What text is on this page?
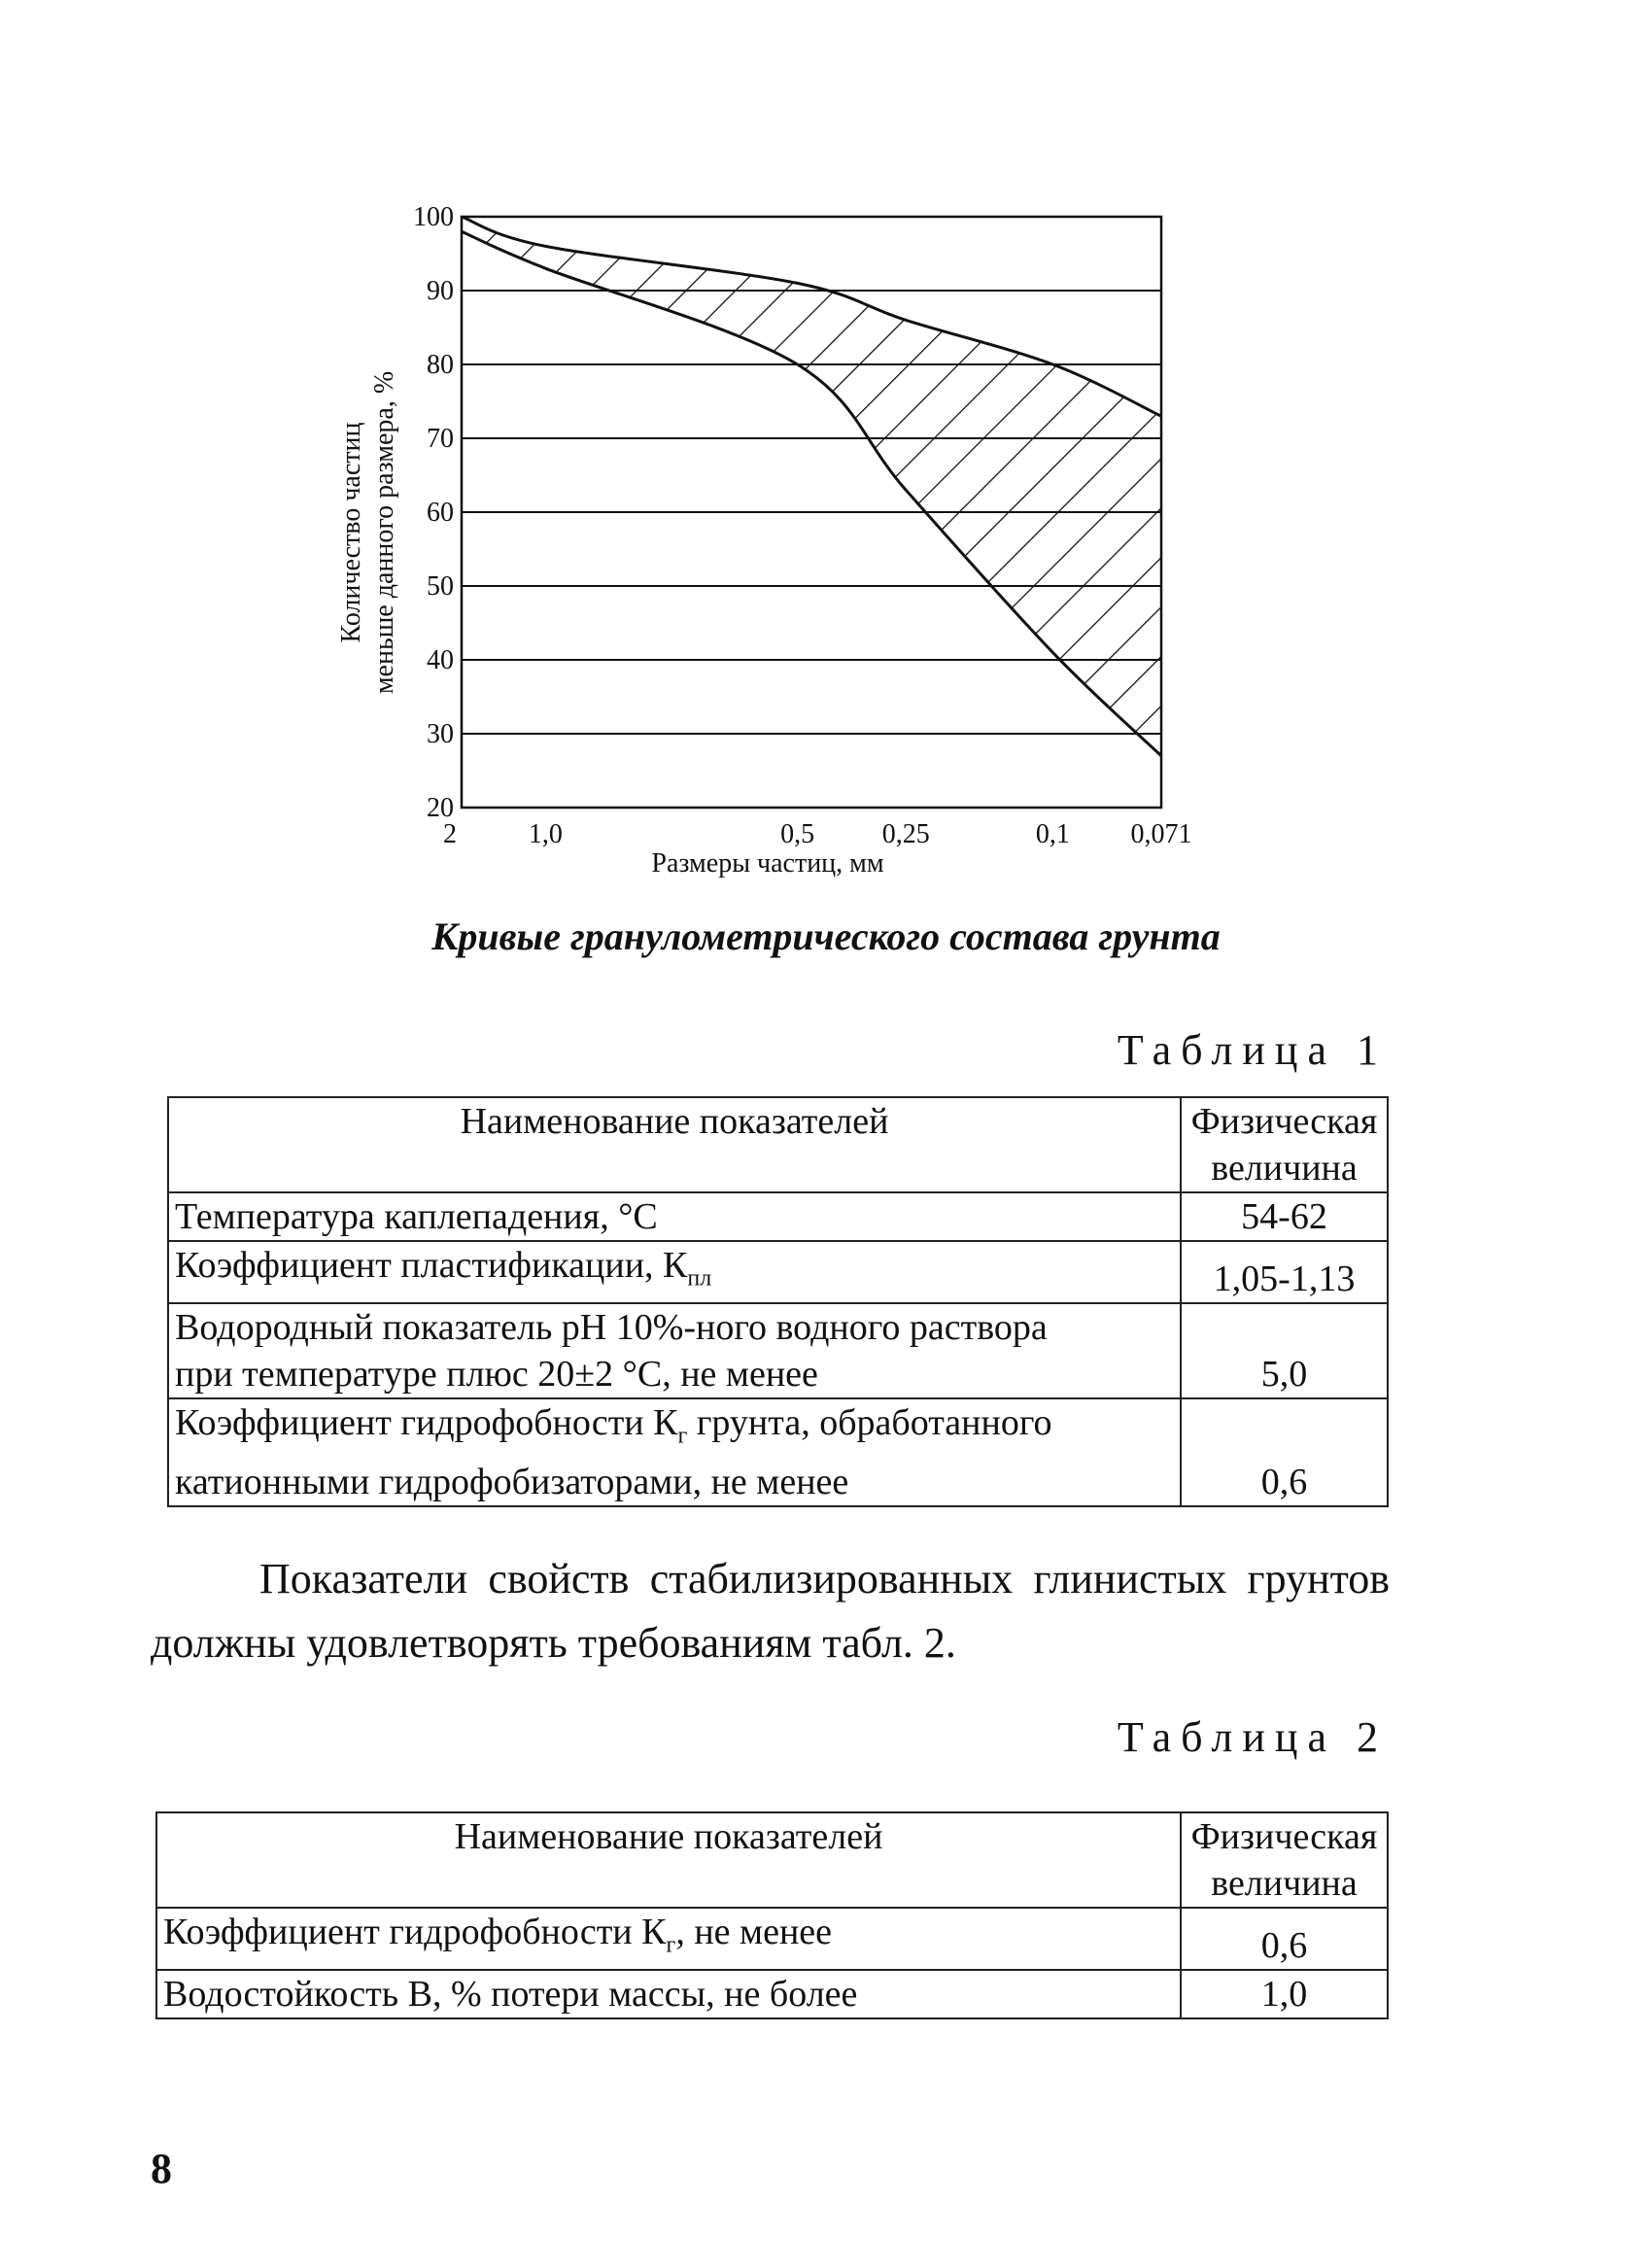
100
90
80
70
60
50
40
30
20
2	1,0	0,5 0,25	0,1 0,071
Количество частиц меньше данного размера, %
Размеры частиц, мм
Кривые гранулометрического состава грунта
Таблица 1
Наименование показателей	Физическая
величина
Температура каплепадения, °С	54-62
Коэффициент пластификации, $К_{пл}$	1,05-1,13
Водородный показатель рН 10%-ного водного раствора
при температуре плюс 20±2 °С, не менее	5,0
Коэффициент гидрофобности $К_г$ грунта, обработанного
катионными гидрофобизаторами, не менее	0,6
Показатели свойств стабилизированных глинистых грунтов должны удовлетворять требованиям табл. 2.
Таблица 2
Наименование показателей	Физическая
величина
Коэффициент гидрофобности $К_г$, не менее	0,6
Водостойкость В, % потери массы, не более	1,0
8
